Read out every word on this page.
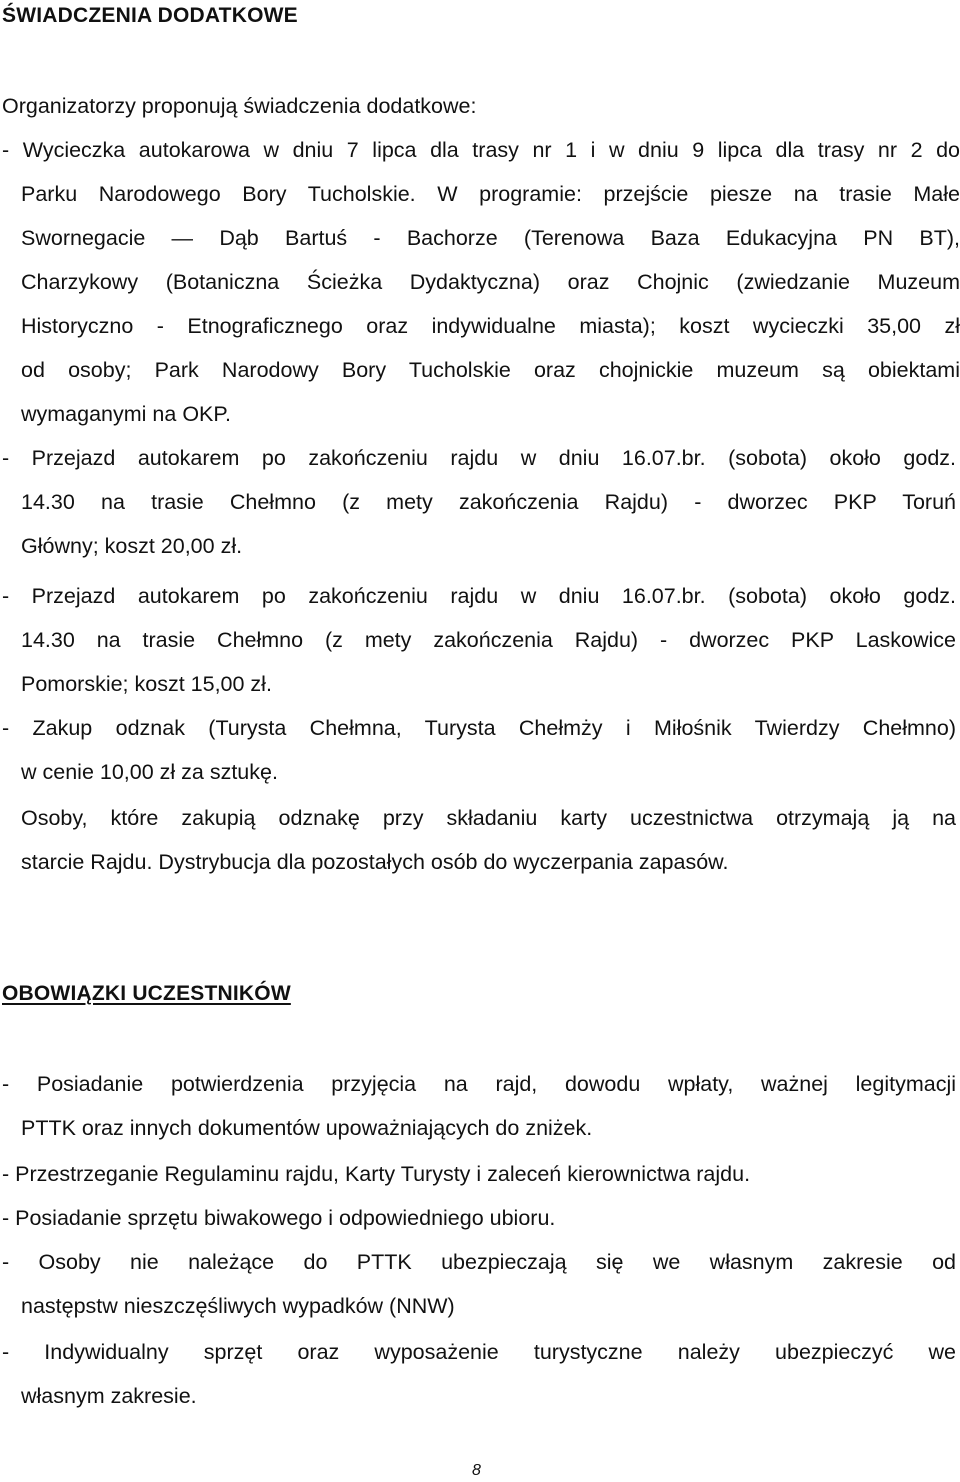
ŚWIADCZENIA DODATKOWE
Organizatorzy proponują świadczenia dodatkowe:
- Wycieczka autokarowa w dniu 7 lipca dla trasy nr 1 i w dniu 9 lipca dla trasy nr 2 do
Parku Narodowego Bory Tucholskie. W programie: przejście piesze na trasie Małe
Swornegacie — Dąb Bartuś - Bachorze (Terenowa Baza Edukacyjna PN BT),
Charzykowy (Botaniczna Ścieżka Dydaktyczna) oraz Chojnic (zwiedzanie Muzeum
Historyczno - Etnograficznego oraz indywidualne miasta); koszt wycieczki 35,00 zł
od osoby; Park Narodowy Bory Tucholskie oraz chojnickie muzeum są obiektami
wymaganymi na OKP.
- Przejazd autokarem po zakończeniu rajdu w dniu 16.07.br. (sobota) około godz.
14.30 na trasie Chełmno (z mety zakończenia Rajdu) - dworzec PKP Toruń
Główny; koszt 20,00 zł.
- Przejazd autokarem po zakończeniu rajdu w dniu 16.07.br. (sobota) około godz.
14.30 na trasie Chełmno (z mety zakończenia Rajdu) - dworzec PKP Laskowice
Pomorskie; koszt 15,00 zł.
- Zakup odznak (Turysta Chełmna, Turysta Chełmży i Miłośnik Twierdzy Chełmno)
w cenie 10,00 zł za sztukę.
Osoby, które zakupią odznakę przy składaniu karty uczestnictwa otrzymają ją na
starcie Rajdu. Dystrybucja dla pozostałych osób do wyczerpania zapasów.
OBOWIĄZKI UCZESTNIKÓW
- Posiadanie potwierdzenia przyjęcia na rajd, dowodu wpłaty, ważnej legitymacji
PTTK oraz innych dokumentów upoważniających do zniżek.
- Przestrzeganie Regulaminu rajdu, Karty Turysty i zaleceń kierownictwa rajdu.
- Posiadanie sprzętu biwakowego i odpowiedniego ubioru.
- Osoby nie należące do PTTK ubezpieczają się we własnym zakresie od
następstw nieszczęśliwych wypadków (NNW)
- Indywidualny sprzęt oraz wyposażenie turystyczne należy ubezpieczyć we
własnym zakresie.
8
